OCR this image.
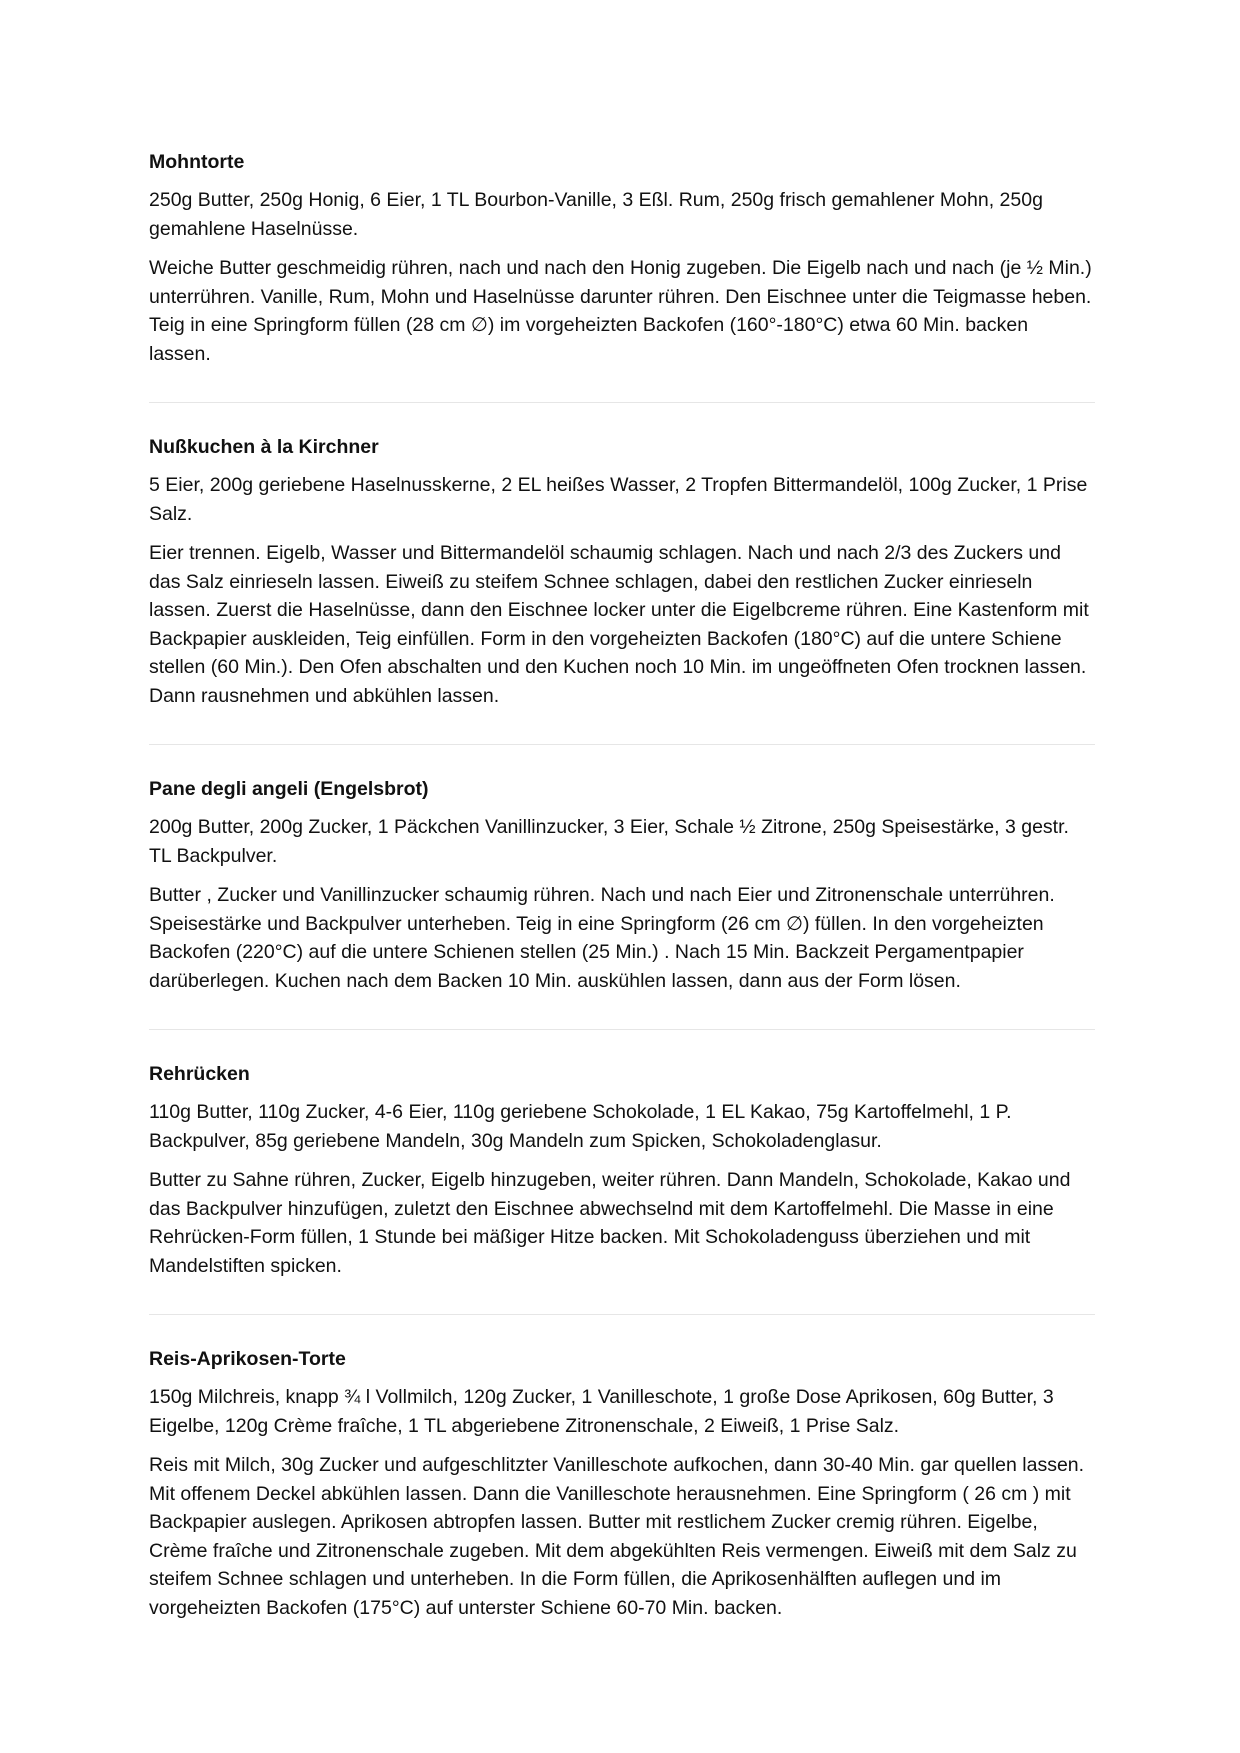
Mohntorte

250g Butter, 250g Honig, 6 Eier, 1 TL Bourbon-Vanille, 3 Eßl. Rum, 250g frisch gemahlener Mohn, 250g gemahlene Haselnüsse.

Weiche Butter geschmeidig rühren, nach und nach den Honig zugeben. Die Eigelb nach und nach (je ½ Min.) unterrühren. Vanille, Rum, Mohn und Haselnüsse darunter rühren. Den Eischnee unter die Teigmasse heben. Teig in eine Springform füllen (28 cm ∅) im vorgeheizten Backofen (160°-180°C) etwa 60 Min. backen lassen.

Nußkuchen à la Kirchner

5 Eier, 200g geriebene Haselnusskerne, 2 EL heißes Wasser, 2 Tropfen Bittermandelöl, 100g Zucker, 1 Prise Salz.

Eier trennen. Eigelb, Wasser und Bittermandelöl schaumig schlagen. Nach und nach 2/3 des Zuckers und das Salz einrieseln lassen. Eiweiß zu steifem Schnee schlagen, dabei den restlichen Zucker einrieseln lassen. Zuerst die Haselnüsse, dann den Eischnee locker unter die Eigelbcreme rühren. Eine Kastenform mit Backpapier auskleiden, Teig einfüllen. Form in den vorgeheizten Backofen (180°C) auf die untere Schiene stellen (60 Min.). Den Ofen abschalten und den Kuchen noch 10 Min. im ungeöffneten Ofen trocknen lassen. Dann rausnehmen und abkühlen lassen.

Pane degli angeli (Engelsbrot)

200g Butter, 200g Zucker, 1 Päckchen Vanillinzucker, 3 Eier, Schale ½ Zitrone, 250g Speisestärke, 3 gestr. TL Backpulver.

Butter , Zucker und Vanillinzucker schaumig rühren. Nach und nach Eier und Zitronenschale unterrühren. Speisestärke und Backpulver unterheben. Teig in eine Springform (26 cm ∅) füllen. In den vorgeheizten Backofen (220°C) auf die untere Schienen stellen (25 Min.) . Nach 15 Min. Backzeit Pergamentpapier darüberlegen. Kuchen nach dem Backen 10 Min. auskühlen lassen, dann aus der Form lösen.

Rehrücken

110g Butter, 110g Zucker, 4-6 Eier, 110g geriebene Schokolade, 1 EL Kakao, 75g Kartoffelmehl, 1 P. Backpulver, 85g geriebene Mandeln, 30g Mandeln zum Spicken, Schokoladenglasur.

Butter zu Sahne rühren, Zucker, Eigelb hinzugeben, weiter rühren. Dann Mandeln, Schokolade, Kakao und das Backpulver hinzufügen, zuletzt den Eischnee abwechselnd mit dem Kartoffelmehl. Die Masse in eine Rehrücken-Form füllen, 1 Stunde bei mäßiger Hitze backen. Mit Schokoladenguss überziehen und mit Mandelstiften spicken.

Reis-Aprikosen-Torte

150g Milchreis, knapp ¾ l Vollmilch, 120g Zucker, 1 Vanilleschote, 1 große Dose Aprikosen, 60g Butter, 3 Eigelbe, 120g Crème fraîche, 1 TL abgeriebene Zitronenschale, 2 Eiweiß, 1 Prise Salz.

Reis mit Milch, 30g Zucker und aufgeschlitzter Vanilleschote aufkochen, dann 30-40 Min. gar quellen lassen. Mit offenem Deckel abkühlen lassen. Dann die Vanilleschote herausnehmen. Eine Springform ( 26 cm ) mit Backpapier auslegen. Aprikosen abtropfen lassen. Butter mit restlichem Zucker cremig rühren. Eigelbe, Crème fraîche und Zitronenschale zugeben. Mit dem abgekühlten Reis vermengen. Eiweiß mit dem Salz zu steifem Schnee schlagen und unterheben. In die Form füllen, die Aprikosenhälften auflegen und im vorgeheizten Backofen (175°C) auf unterster Schiene 60-70 Min. backen.
